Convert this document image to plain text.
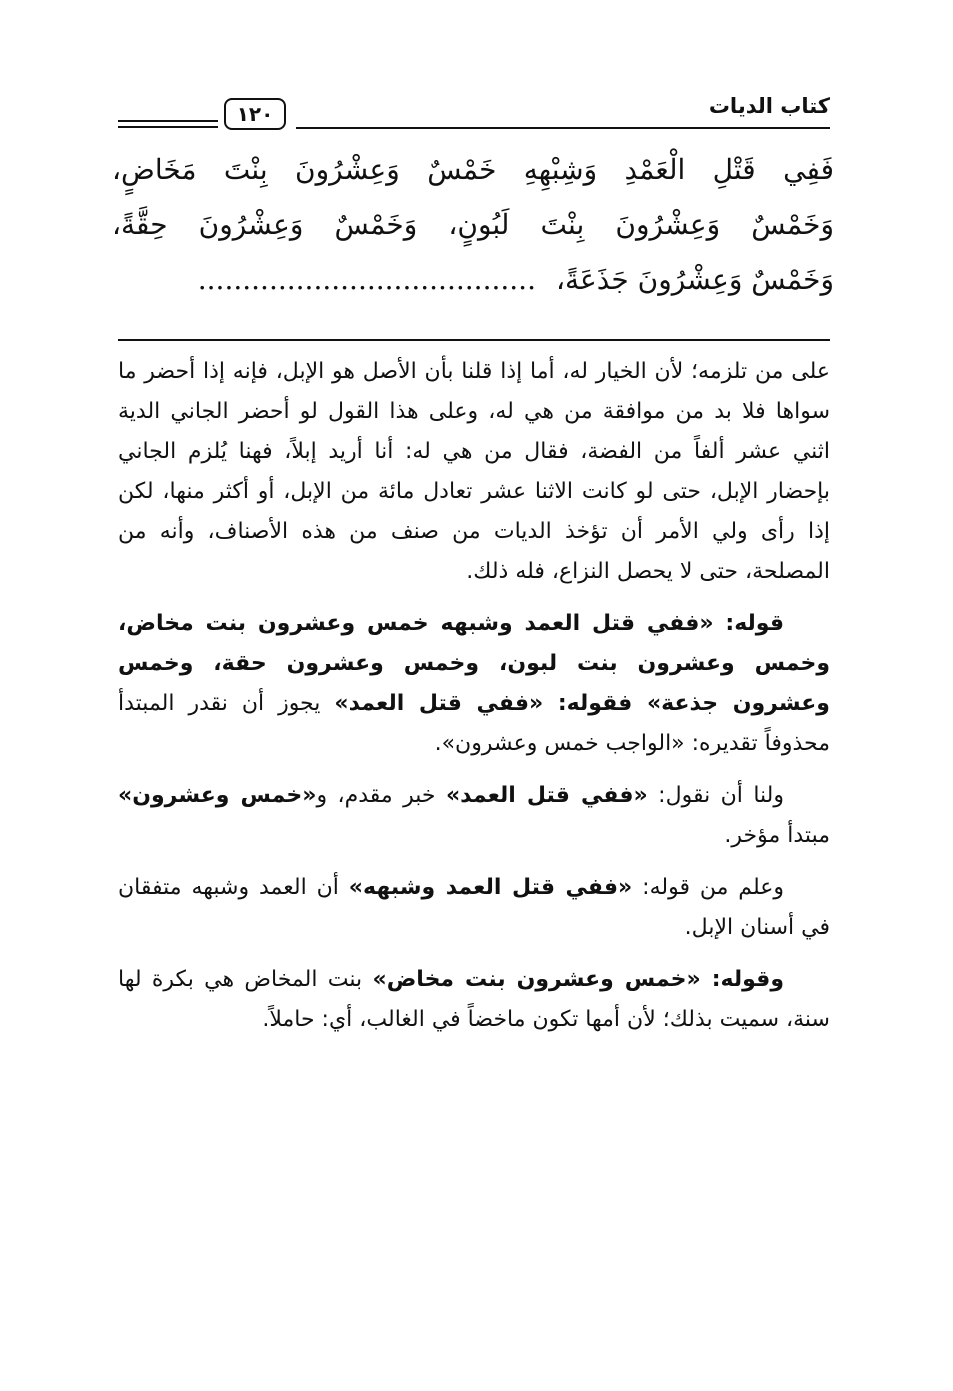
١٢٠	كتاب الديات
فَفِي قَتْلِ الْعَمْدِ وَشِبْهِهِ خَمْسٌ وَعِشْرُونَ بِنْتَ مَخَاضٍ،
وَخَمْسٌ وَعِشْرُونَ بِنْتَ لَبُونٍ، وَخَمْسٌ وَعِشْرُونَ حِقَّةً،
وَخَمْسٌ وَعِشْرُونَ جَذَعَةً،......................................

على من تلزمه؛ لأن الخيار له، أما إذا قلنا بأن الأصل هو الإبل، فإنه إذا أحضر ما سواها فلا بد من موافقة من هي له، وعلى هذا القول لو أحضر الجاني الدية اثني عشر ألفاً من الفضة، فقال من هي له: أنا أريد إبلاً، فهنا يُلزم الجاني بإحضار الإبل، حتى لو كانت الاثنا عشر تعادل مائة من الإبل، أو أكثر منها، لكن إذا رأى ولي الأمر أن تؤخذ الديات من صنف من هذه الأصناف، وأنه من المصلحة، حتى لا يحصل النزاع، فله ذلك.

قوله: «ففي قتل العمد وشبهه خمس وعشرون بنت مخاض، وخمس وعشرون بنت لبون، وخمس وعشرون حقة، وخمس وعشرون جذعة» فقوله: «ففي قتل العمد» يجوز أن نقدر المبتدأ محذوفاً تقديره: «الواجب خمس وعشرون».

ولنا أن نقول: «ففي قتل العمد» خبر مقدم، و«خمس وعشرون» مبتدأ مؤخر.

وعلم من قوله: «ففي قتل العمد وشبهه» أن العمد وشبهه متفقان في أسنان الإبل.

وقوله: «خمس وعشرون بنت مخاض» بنت المخاض هي بكرة لها سنة، سميت بذلك؛ لأن أمها تكون ماخضاً في الغالب، أي: حاملاً.
